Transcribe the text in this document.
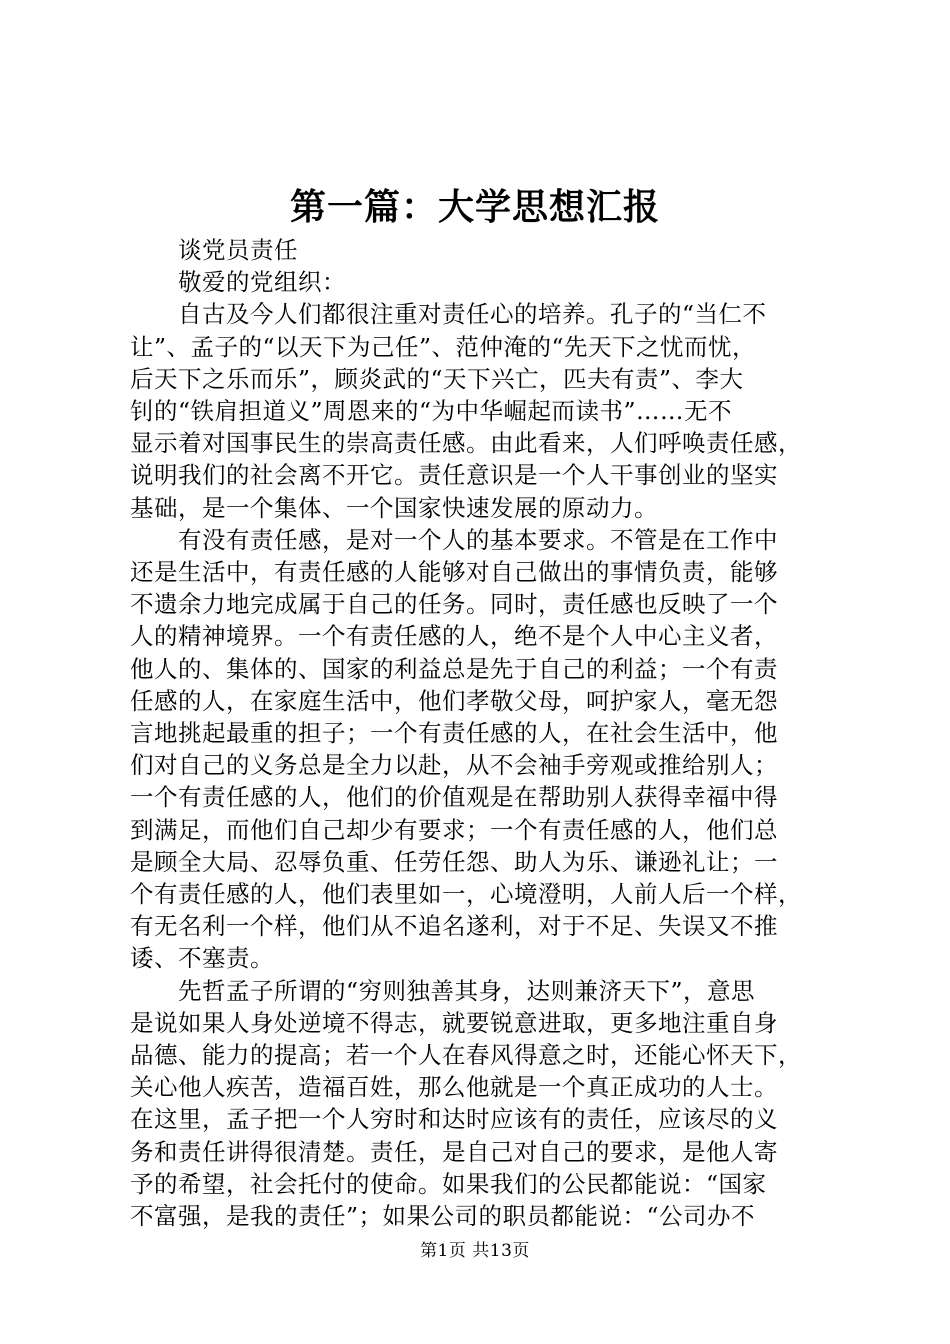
第一篇：大学思想汇报
谈党员责任
敬爱的党组织：
自古及今人们都很注重对责任心的培养。孔子的“当仁不
让”、孟子的“以天下为己任”、范仲淹的“先天下之忧而忧，
后天下之乐而乐”，顾炎武的“天下兴亡，匹夫有责”、李大
钊的“铁肩担道义”周恩来的“为中华崛起而读书”……无不
显示着对国事民生的崇高责任感。由此看来，人们呼唤责任感，
说明我们的社会离不开它。责任意识是一个人干事创业的坚实
基础，是一个集体、一个国家快速发展的原动力。
有没有责任感，是对一个人的基本要求。不管是在工作中
还是生活中，有责任感的人能够对自己做出的事情负责，能够
不遗余力地完成属于自己的任务。同时，责任感也反映了一个
人的精神境界。一个有责任感的人，绝不是个人中心主义者，
他人的、集体的、国家的利益总是先于自己的利益；一个有责
任感的人，在家庭生活中，他们孝敬父母，呵护家人，毫无怨
言地挑起最重的担子；一个有责任感的人，在社会生活中，他
们对自己的义务总是全力以赴，从不会袖手旁观或推给别人；
一个有责任感的人，他们的价值观是在帮助别人获得幸福中得
到满足，而他们自己却少有要求；一个有责任感的人，他们总
是顾全大局、忍辱负重、任劳任怨、助人为乐、谦逊礼让；一
个有责任感的人，他们表里如一，心境澄明，人前人后一个样，
有无名利一个样，他们从不追名遂利，对于不足、失误又不推
诿、不塞责。
先哲孟子所谓的“穷则独善其身，达则兼济天下”，意思
是说如果人身处逆境不得志，就要锐意进取，更多地注重自身
品德、能力的提高；若一个人在春风得意之时，还能心怀天下，
关心他人疾苦，造福百姓，那么他就是一个真正成功的人士。
在这里，孟子把一个人穷时和达时应该有的责任，应该尽的义
务和责任讲得很清楚。责任，是自己对自己的要求，是他人寄
予的希望，社会托付的使命。如果我们的公民都能说：“国家
不富强，是我的责任”；如果公司的职员都能说：“公司办不
第1页 共13页
